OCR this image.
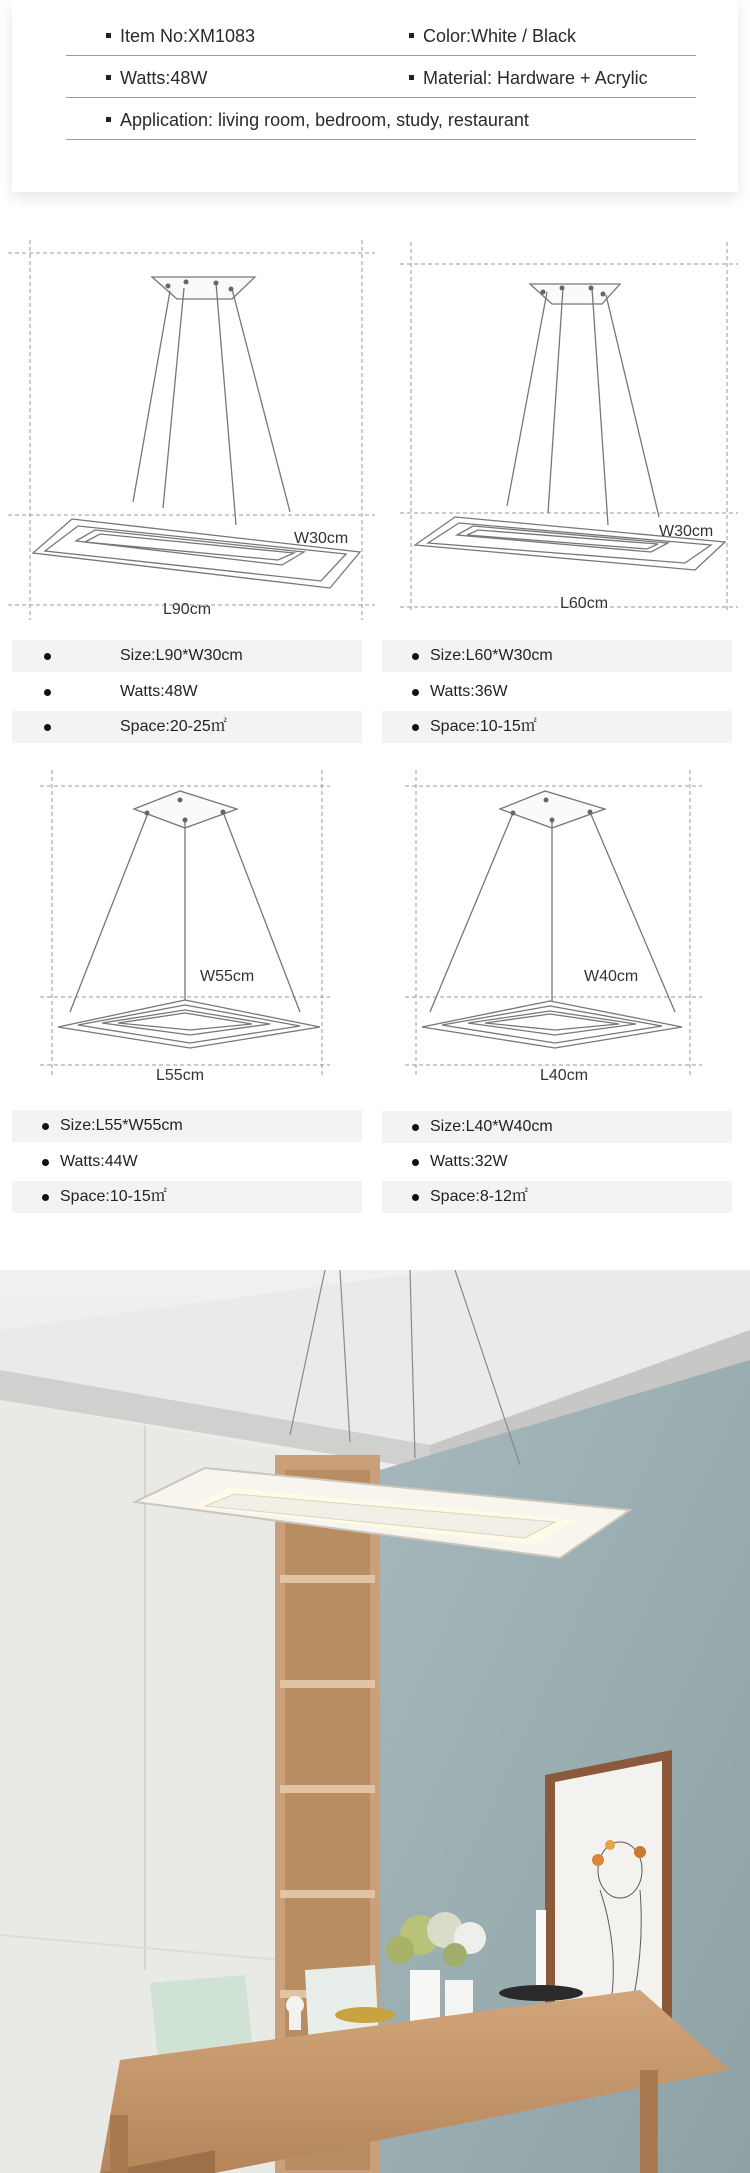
Item No:XM1083	Color:White / Black
Watts:48W	Material: Hardware + Acrylic
Application: living room, bedroom, study, restaurant
W30cm
L90cm
W30cm
L60cm
Size:L90*W30cm
Watts:48W
Space:20-25㎡
Size:L60*W30cm
Watts:36W
Space:10-15㎡
W55cm
L55cm
W40cm
L40cm
Size:L55*W55cm
Watts:44W
Space:10-15㎡
Size:L40*W40cm
Watts:32W
Space:8-12㎡
